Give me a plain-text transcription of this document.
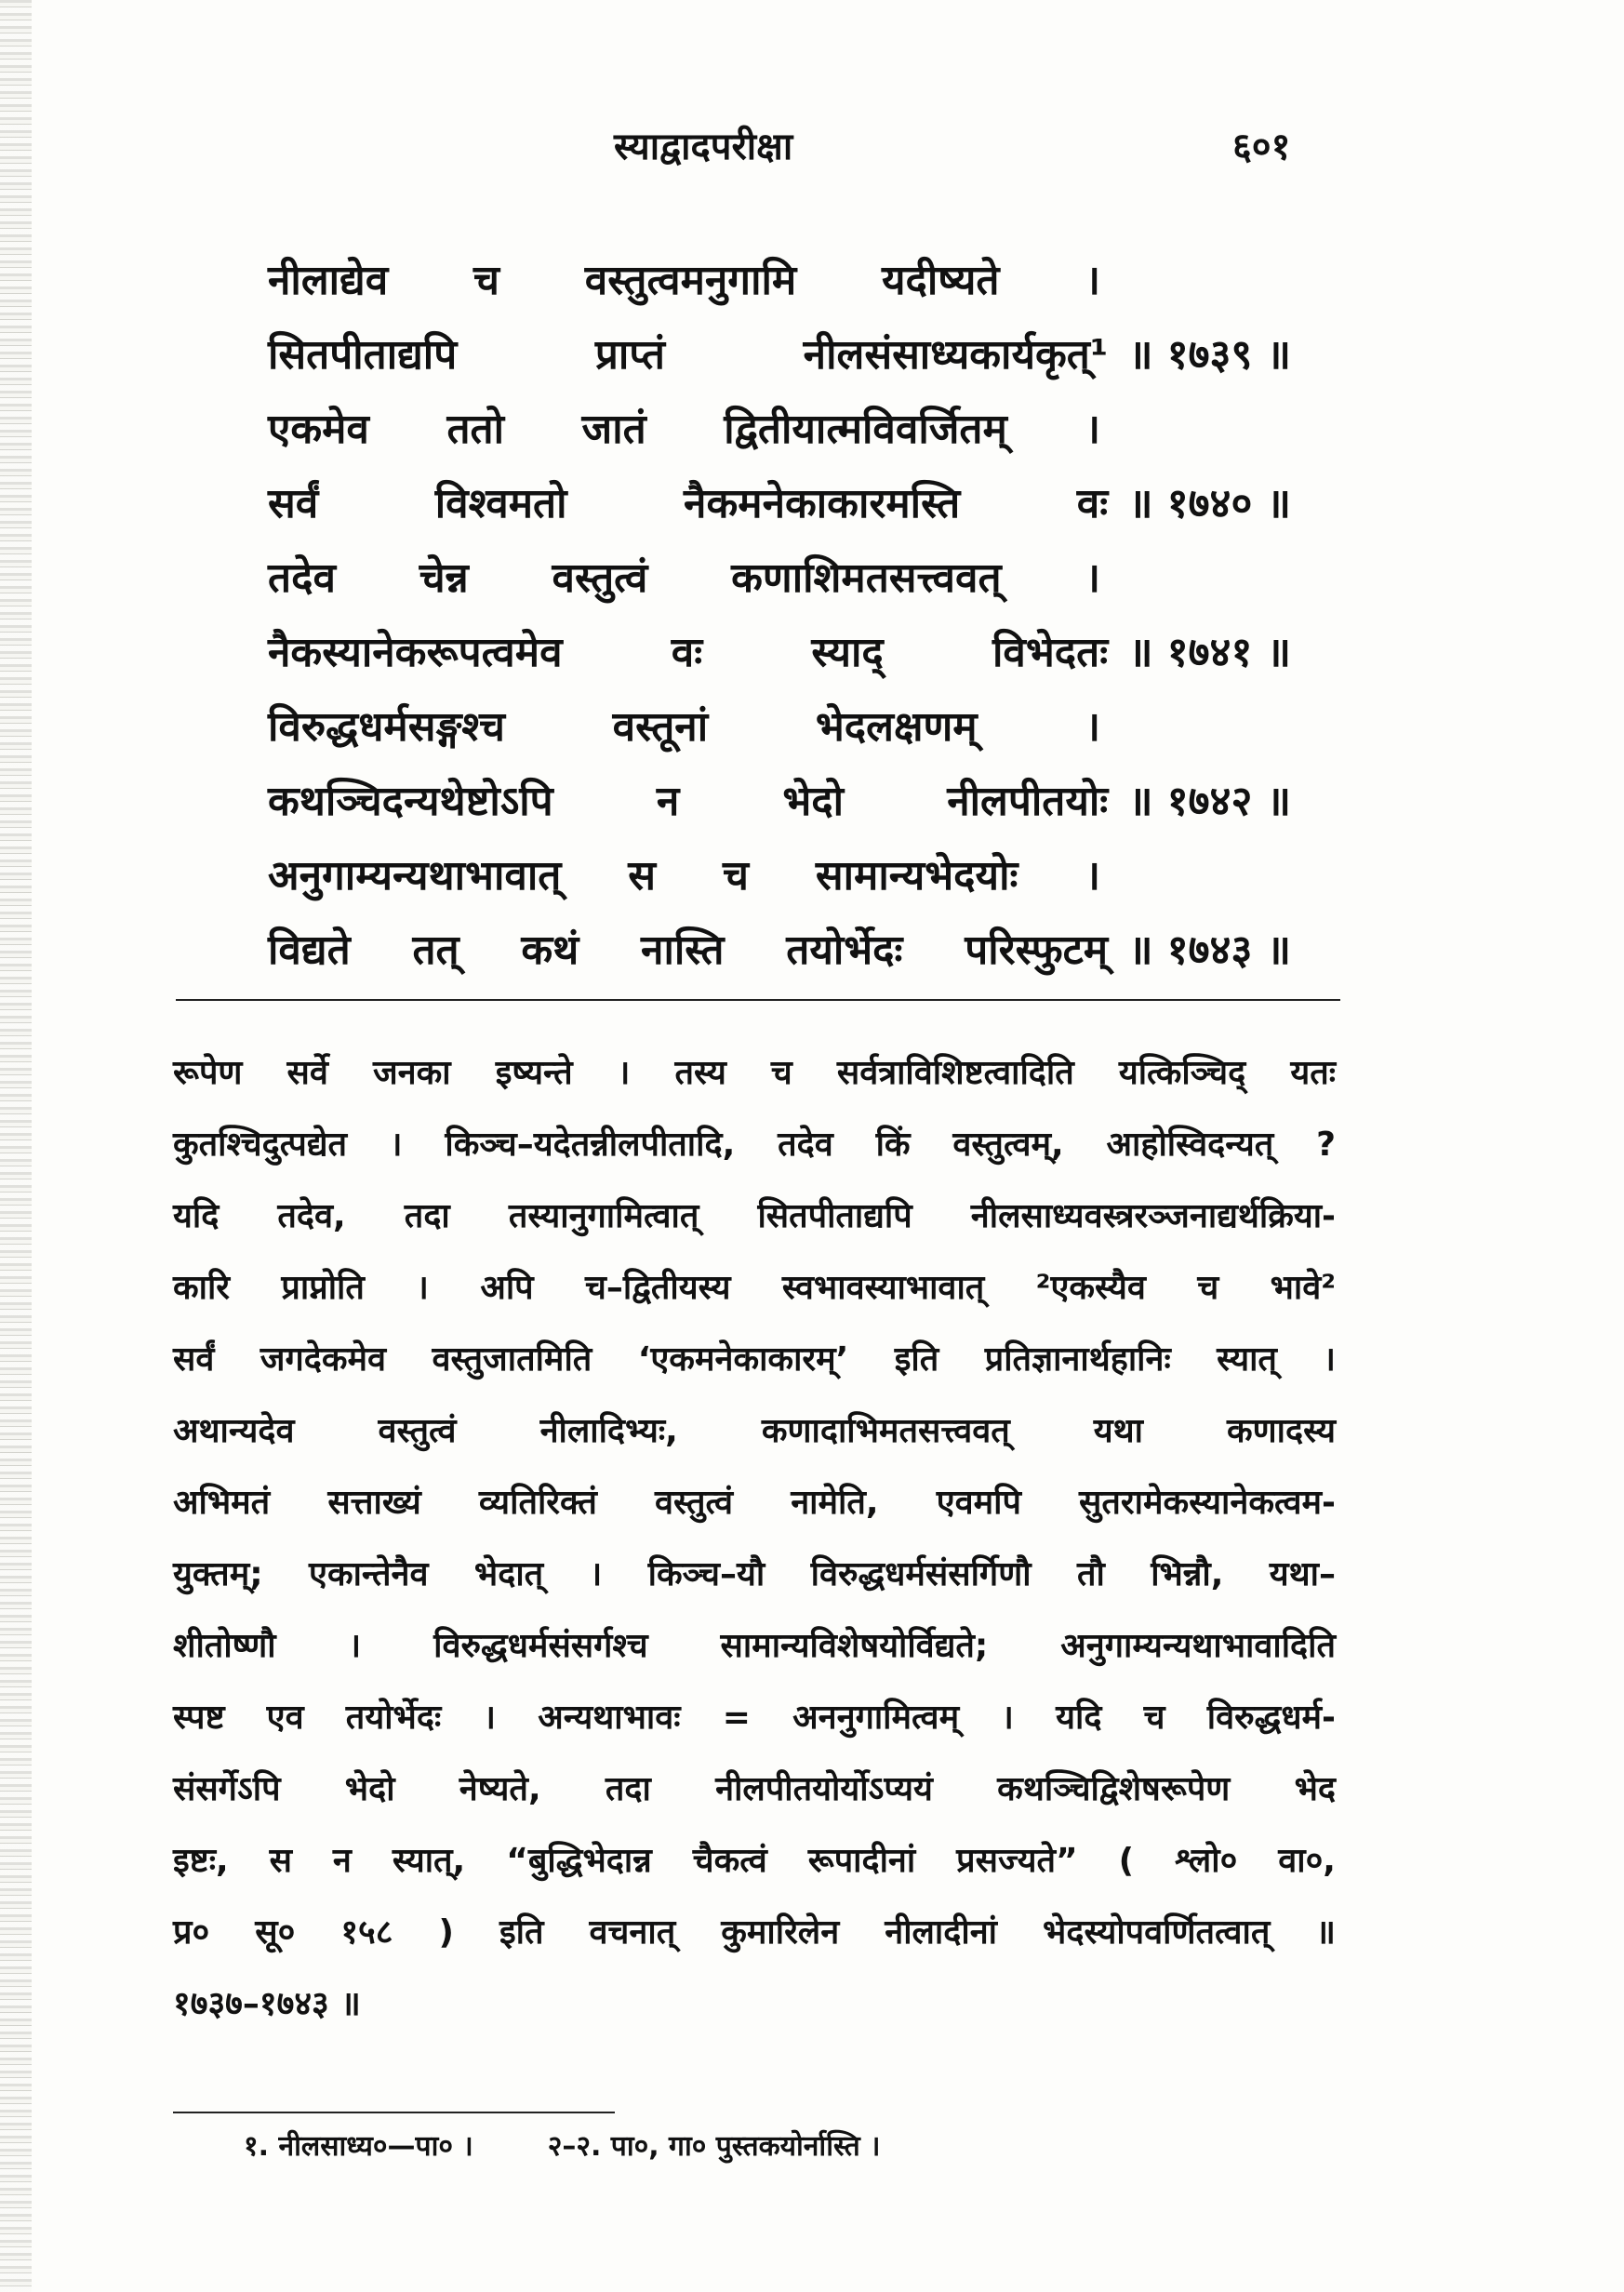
स्याद्वादपरीक्षा	६०१
नीलाद्येव च वस्तुत्वमनुगामि यदीष्यते ।
सितपीताद्यपि प्राप्तं नीलसंसाध्यकार्यकृत्¹ ॥ १७३९ ॥
एकमेव ततो जातं द्वितीयात्मविवर्जितम् ।
सर्वं विश्वमतो नैकमनेकाकारमस्ति वः ॥ १७४० ॥
तदेव चेन्न वस्तुत्वं कणाशिमतसत्त्ववत् ।
नैकस्यानेकरूपत्वमेव वः स्याद् विभेदतः ॥ १७४१ ॥
विरुद्धधर्मसङ्गश्च वस्तूनां भेदलक्षणम् ।
कथञ्चिदन्यथेष्टोऽपि न भेदो नीलपीतयोः ॥ १७४२ ॥
अनुगाम्यन्यथाभावात् स च सामान्यभेदयोः ।
विद्यते तत् कथं नास्ति तयोर्भेदः परिस्फुटम् ॥ १७४३ ॥
रूपेण सर्वे जनका इष्यन्ते । तस्य च सर्वत्राविशिष्टत्वादिति यत्किञ्चिद् यतः
कुतश्चिदुत्पद्येत । किञ्च–यदेतन्नीलपीतादि, तदेव किं वस्तुत्वम्, आहोस्विदन्यत् ?
यदि तदेव, तदा तस्यानुगामित्वात् सितपीताद्यपि नीलसाध्यवस्त्ररञ्जनाद्यर्थक्रिया-
कारि प्राप्नोति । अपि च–द्वितीयस्य स्वभावस्याभावात् ²एकस्यैव च भावे²
सर्वं जगदेकमेव वस्तुजातमिति ‘एकमनेकाकारम्’ इति प्रतिज्ञानार्थहानिः स्यात् ।
अथान्यदेव वस्तुत्वं नीलादिभ्यः, कणादाभिमतसत्त्ववत् यथा कणादस्य
अभिमतं सत्ताख्यं व्यतिरिक्तं वस्तुत्वं नामेति, एवमपि सुतरामेकस्यानेकत्वम-
युक्तम्; एकान्तेनैव भेदात् । किञ्च–यौ विरुद्धधर्मसंसर्गिणौ तौ भिन्नौ, यथा–
शीतोष्णौ । विरुद्धधर्मसंसर्गश्च सामान्यविशेषयोर्विद्यते; अनुगाम्यन्यथाभावादिति
स्पष्ट एव तयोर्भेदः । अन्यथाभावः = अननुगामित्वम् । यदि च विरुद्धधर्म-
संसर्गेऽपि भेदो नेष्यते, तदा नीलपीतयोर्योऽप्ययं कथञ्चिद्विशेषरूपेण भेद
इष्टः, स न स्यात्, “बुद्धिभेदान्न चैकत्वं रूपादीनां प्रसज्यते” ( श्लो० वा०,
प्र० सू० १५८ ) इति वचनात् कुमारिलेन नीलादीनां भेदस्योपवर्णितत्वात् ॥
१७३७–१७४३ ॥
१. नीलसाध्य०—पा० ।	२–२. पा०, गा० पुस्तकयोर्नास्ति ।
